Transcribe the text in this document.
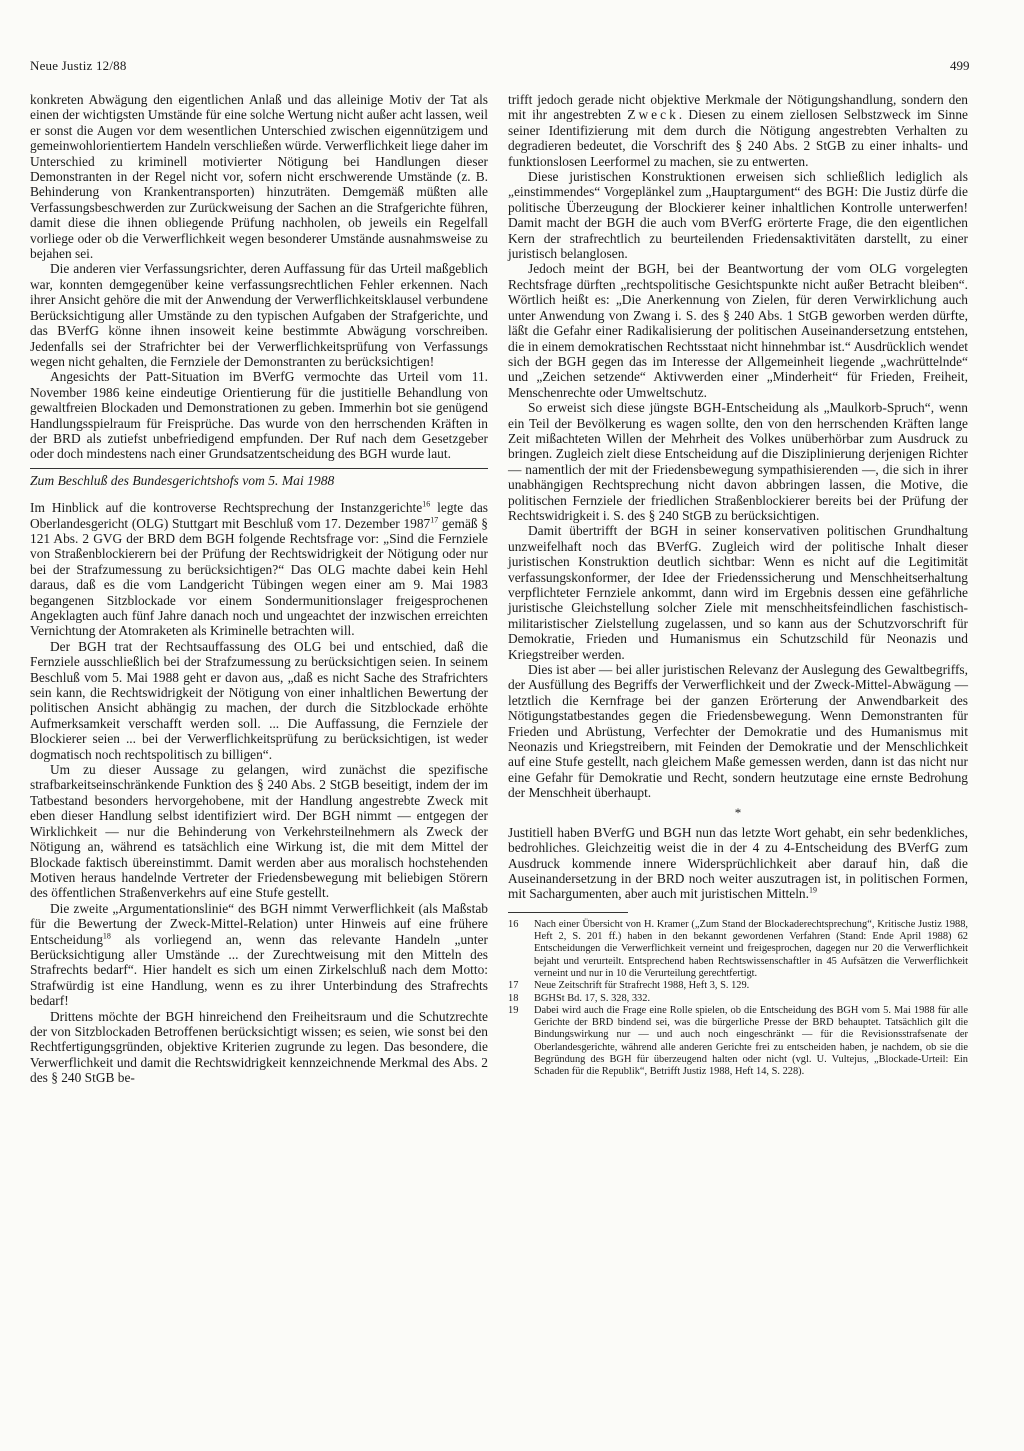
Neue Justiz 12/88	499

konkreten Abwägung den eigentlichen Anlaß und das alleinige Motiv der Tat als einen der wichtigsten Umstände für eine solche Wertung nicht außer acht lassen, weil er sonst die Augen vor dem wesentlichen Unterschied zwischen eigennützigem und gemeinwohlorientiertem Handeln verschließen würde. Verwerflichkeit liege daher im Unterschied zu kriminell motivierter Nötigung bei Handlungen dieser Demonstranten in der Regel nicht vor, sofern nicht erschwerende Umstände (z. B. Behinderung von Krankentransporten) hinzuträten. Demgemäß müßten alle Verfassungsbeschwerden zur Zurückweisung der Sachen an die Strafgerichte führen, damit diese die ihnen obliegende Prüfung nachholen, ob jeweils ein Regelfall vorliege oder ob die Verwerflichkeit wegen besonderer Umstände ausnahmsweise zu bejahen sei.

Die anderen vier Verfassungsrichter, deren Auffassung für das Urteil maßgeblich war, konnten demgegenüber keine verfassungsrechtlichen Fehler erkennen. Nach ihrer Ansicht gehöre die mit der Anwendung der Verwerflichkeitsklausel verbundene Berücksichtigung aller Umstände zu den typischen Aufgaben der Strafgerichte, und das BVerfG könne ihnen insoweit keine bestimmte Abwägung vorschreiben. Jedenfalls sei der Strafrichter bei der Verwerflichkeitsprüfung von Verfassungs wegen nicht gehalten, die Fernziele der Demonstranten zu berücksichtigen!

Angesichts der Patt-Situation im BVerfG vermochte das Urteil vom 11. November 1986 keine eindeutige Orientierung für die justitielle Behandlung von gewaltfreien Blockaden und Demonstrationen zu geben. Immerhin bot sie genügend Handlungsspielraum für Freisprüche. Das wurde von den herrschenden Kräften in der BRD als zutiefst unbefriedigend empfunden. Der Ruf nach dem Gesetzgeber oder doch mindestens nach einer Grundsatzentscheidung des BGH wurde laut.

Zum Beschluß des Bundesgerichtshofs vom 5. Mai 1988

Im Hinblick auf die kontroverse Rechtsprechung der Instanzgerichte$^{16}$ legte das Oberlandesgericht (OLG) Stuttgart mit Beschluß vom 17. Dezember 1987$^{17}$ gemäß § 121 Abs. 2 GVG der BRD dem BGH folgende Rechtsfrage vor: „Sind die Fernziele von Straßenblockierern bei der Prüfung der Rechtswidrigkeit der Nötigung oder nur bei der Strafzumessung zu berücksichtigen?“ Das OLG machte dabei kein Hehl daraus, daß es die vom Landgericht Tübingen wegen einer am 9. Mai 1983 begangenen Sitzblockade vor einem Sondermunitionslager freigesprochenen Angeklagten auch fünf Jahre danach noch und ungeachtet der inzwischen erreichten Vernichtung der Atomraketen als Kriminelle betrachten will.

Der BGH trat der Rechtsauffassung des OLG bei und entschied, daß die Fernziele ausschließlich bei der Strafzumessung zu berücksichtigen seien. In seinem Beschluß vom 5. Mai 1988 geht er davon aus, „daß es nicht Sache des Strafrichters sein kann, die Rechtswidrigkeit der Nötigung von einer inhaltlichen Bewertung der politischen Ansicht abhängig zu machen, der durch die Sitzblockade erhöhte Aufmerksamkeit verschafft werden soll. ... Die Auffassung, die Fernziele der Blockierer seien ... bei der Verwerflichkeitsprüfung zu berücksichtigen, ist weder dogmatisch noch rechtspolitisch zu billigen“.

Um zu dieser Aussage zu gelangen, wird zunächst die spezifische strafbarkeitseinschränkende Funktion des § 240 Abs. 2 StGB beseitigt, indem der im Tatbestand besonders hervorgehobene, mit der Handlung angestrebte Zweck mit eben dieser Handlung selbst identifiziert wird. Der BGH nimmt — entgegen der Wirklichkeit — nur die Behinderung von Verkehrsteilnehmern als Zweck der Nötigung an, während es tatsächlich eine Wirkung ist, die mit dem Mittel der Blockade faktisch übereinstimmt. Damit werden aber aus moralisch hochstehenden Motiven heraus handelnde Vertreter der Friedensbewegung mit beliebigen Störern des öffentlichen Straßenverkehrs auf eine Stufe gestellt.

Die zweite „Argumentationslinie“ des BGH nimmt Verwerflichkeit (als Maßstab für die Bewertung der Zweck-Mittel-Relation) unter Hinweis auf eine frühere Entscheidung$^{18}$ als vorliegend an, wenn das relevante Handeln „unter Berücksichtigung aller Umstände ... der Zurechtweisung mit den Mitteln des Strafrechts bedarf“. Hier handelt es sich um einen Zirkelschluß nach dem Motto: Strafwürdig ist eine Handlung, wenn es zu ihrer Unterbindung des Strafrechts bedarf!

Drittens möchte der BGH hinreichend den Freiheitsraum und die Schutzrechte der von Sitzblockaden Betroffenen berücksichtigt wissen; es seien, wie sonst bei den Rechtfertigungsgründen, objektive Kriterien zugrunde zu legen. Das besondere, die Verwerflichkeit und damit die Rechtswidrigkeit kennzeichnende Merkmal des Abs. 2 des § 240 StGB be-

trifft jedoch gerade nicht objektive Merkmale der Nötigungshandlung, sondern den mit ihr angestrebten Zweck. Diesen zu einem ziellosen Selbstzweck im Sinne seiner Identifizierung mit dem durch die Nötigung angestrebten Verhalten zu degradieren bedeutet, die Vorschrift des § 240 Abs. 2 StGB zu einer inhalts- und funktionslosen Leerformel zu machen, sie zu entwerten.

Diese juristischen Konstruktionen erweisen sich schließlich lediglich als „einstimmendes“ Vorgeplänkel zum „Hauptargument“ des BGH: Die Justiz dürfe die politische Überzeugung der Blockierer keiner inhaltlichen Kontrolle unterwerfen! Damit macht der BGH die auch vom BVerfG erörterte Frage, die den eigentlichen Kern der strafrechtlich zu beurteilenden Friedensaktivitäten darstellt, zu einer juristisch belanglosen.

Jedoch meint der BGH, bei der Beantwortung der vom OLG vorgelegten Rechtsfrage dürften „rechtspolitische Gesichtspunkte nicht außer Betracht bleiben“. Wörtlich heißt es: „Die Anerkennung von Zielen, für deren Verwirklichung auch unter Anwendung von Zwang i. S. des § 240 Abs. 1 StGB geworben werden dürfte, läßt die Gefahr einer Radikalisierung der politischen Auseinandersetzung entstehen, die in einem demokratischen Rechtsstaat nicht hinnehmbar ist.“ Ausdrücklich wendet sich der BGH gegen das im Interesse der Allgemeinheit liegende „wachrüttelnde“ und „Zeichen setzende“ Aktivwerden einer „Minderheit“ für Frieden, Freiheit, Menschenrechte oder Umweltschutz.

So erweist sich diese jüngste BGH-Entscheidung als „Maulkorb-Spruch“, wenn ein Teil der Bevölkerung es wagen sollte, den von den herrschenden Kräften lange Zeit mißachteten Willen der Mehrheit des Volkes unüberhörbar zum Ausdruck zu bringen. Zugleich zielt diese Entscheidung auf die Disziplinierung derjenigen Richter — namentlich der mit der Friedensbewegung sympathisierenden —, die sich in ihrer unabhängigen Rechtsprechung nicht davon abbringen lassen, die Motive, die politischen Fernziele der friedlichen Straßenblockierer bereits bei der Prüfung der Rechtswidrigkeit i. S. des § 240 StGB zu berücksichtigen.

Damit übertrifft der BGH in seiner konservativen politischen Grundhaltung unzweifelhaft noch das BVerfG. Zugleich wird der politische Inhalt dieser juristischen Konstruktion deutlich sichtbar: Wenn es nicht auf die Legitimität verfassungskonformer, der Idee der Friedenssicherung und Menschheitserhaltung verpflichteter Fernziele ankommt, dann wird im Ergebnis dessen eine gefährliche juristische Gleichstellung solcher Ziele mit menschheitsfeindlichen faschistisch-militaristischer Zielstellung zugelassen, und so kann aus der Schutzvorschrift für Demokratie, Frieden und Humanismus ein Schutzschild für Neonazis und Kriegstreiber werden.

Dies ist aber — bei aller juristischen Relevanz der Auslegung des Gewaltbegriffs, der Ausfüllung des Begriffs der Verwerflichkeit und der Zweck-Mittel-Abwägung — letztlich die Kernfrage bei der ganzen Erörterung der Anwendbarkeit des Nötigungstatbestandes gegen die Friedensbewegung. Wenn Demonstranten für Frieden und Abrüstung, Verfechter der Demokratie und des Humanismus mit Neonazis und Kriegstreibern, mit Feinden der Demokratie und der Menschlichkeit auf eine Stufe gestellt, nach gleichem Maße gemessen werden, dann ist das nicht nur eine Gefahr für Demokratie und Recht, sondern heutzutage eine ernste Bedrohung der Menschheit überhaupt.

*

Justitiell haben BVerfG und BGH nun das letzte Wort gehabt, ein sehr bedenkliches, bedrohliches. Gleichzeitig weist die in der 4 zu 4-Entscheidung des BVerfG zum Ausdruck kommende innere Widersprüchlichkeit aber darauf hin, daß die Auseinandersetzung in der BRD noch weiter auszutragen ist, in politischen Formen, mit Sachargumenten, aber auch mit juristischen Mitteln.$^{19}$

16	Nach einer Übersicht von H. Kramer („Zum Stand der Blockaderechtsprechung“, Kritische Justiz 1988, Heft 2, S. 201 ff.) haben in den bekannt gewordenen Verfahren (Stand: Ende April 1988) 62 Entscheidungen die Verwerflichkeit verneint und freigesprochen, dagegen nur 20 die Verwerflichkeit bejaht und verurteilt. Entsprechend haben Rechtswissenschaftler in 45 Aufsätzen die Verwerflichkeit verneint und nur in 10 die Verurteilung gerechtfertigt.
17	Neue Zeitschrift für Strafrecht 1988, Heft 3, S. 129.
18	BGHSt Bd. 17, S. 328, 332.
19	Dabei wird auch die Frage eine Rolle spielen, ob die Entscheidung des BGH vom 5. Mai 1988 für alle Gerichte der BRD bindend sei, was die bürgerliche Presse der BRD behauptet. Tatsächlich gilt die Bindungswirkung nur — und auch noch eingeschränkt — für die Revisionsstrafsenate der Oberlandesgerichte, während alle anderen Gerichte frei zu entscheiden haben, je nachdem, ob sie die Begründung des BGH für überzeugend halten oder nicht (vgl. U. Vultejus, „Blockade-Urteil: Ein Schaden für die Republik“, Betrifft Justiz 1988, Heft 14, S. 228).
